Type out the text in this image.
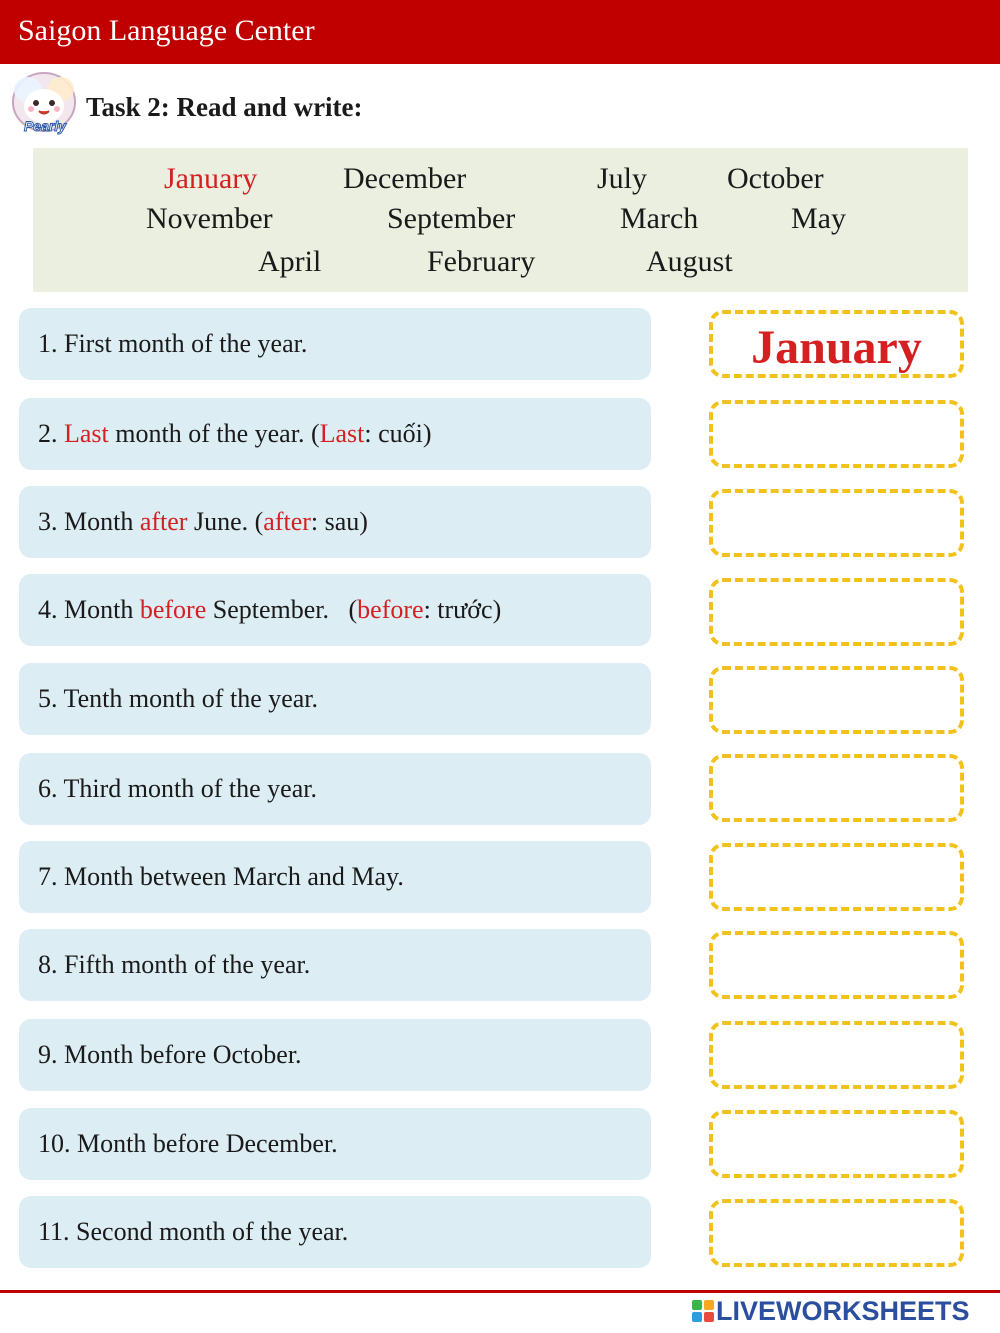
Saigon Language Center
Pearly
Task 2: Read and write:
January	December	July	October
November	September	March	May
April	February	August
1. First month of the year.
2. Last month of the year. (Last: cuối)
3. Month after June. (after: sau)
4. Month before September.   (before: trước)
5. Tenth month of the year.
6. Third month of the year.
7. Month between March and May.
8. Fifth month of the year.
9. Month before October.
10. Month before December.
11. Second month of the year.
January
LIVEWORKSHEETS
